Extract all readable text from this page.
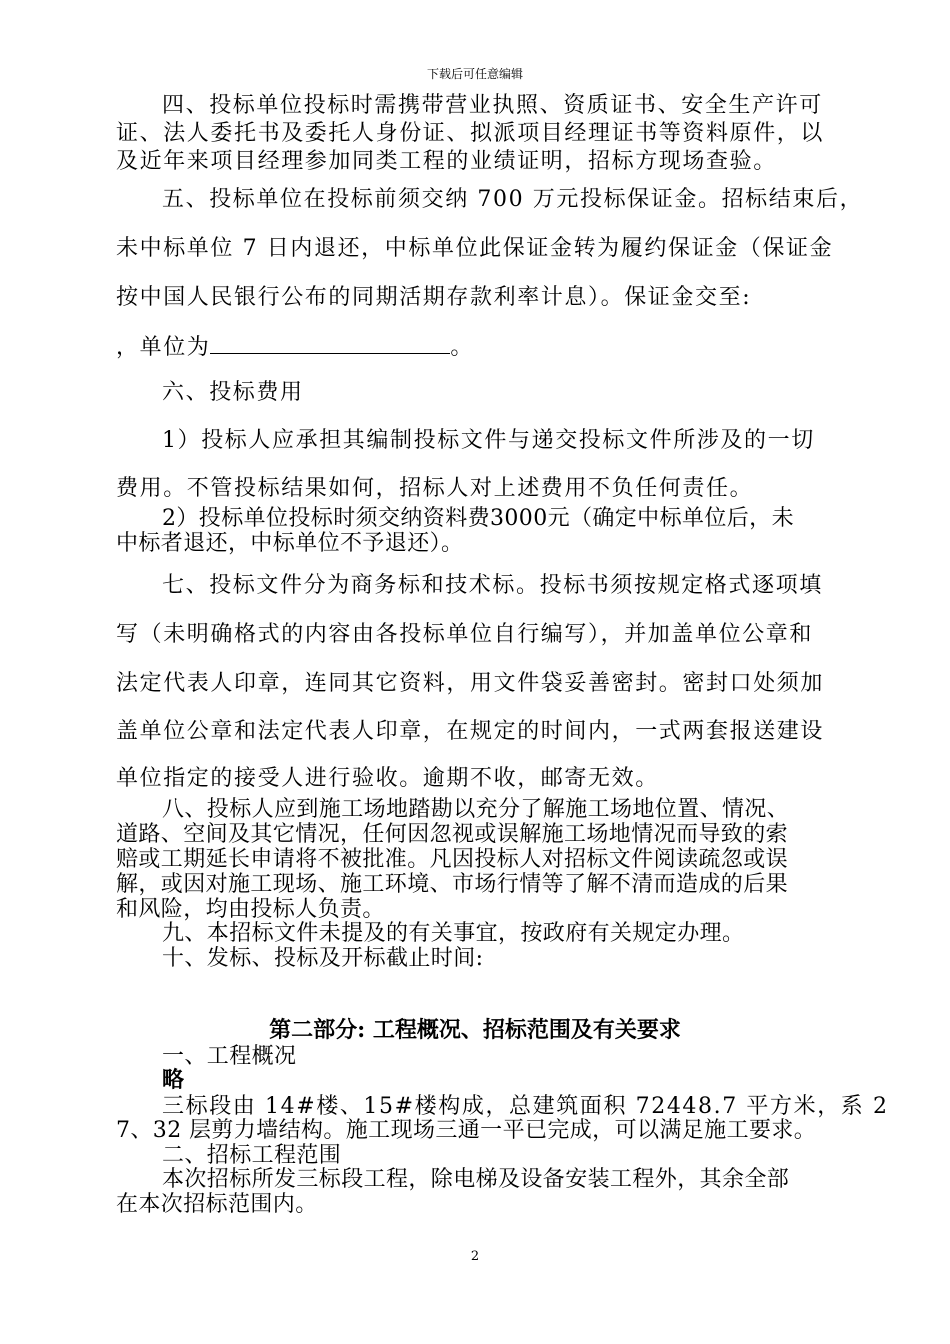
下载后可任意编辑
四、投标单位投标时需携带营业执照、资质证书、安全生产许可
证、法人委托书及委托人身份证、拟派项目经理证书等资料原件，以
及近年来项目经理参加同类工程的业绩证明，招标方现场查验。
五、投标单位在投标前须交纳 700 万元投标保证金。招标结束后，
未中标单位 7 日内退还，中标单位此保证金转为履约保证金（保证金
按中国人民银行公布的同期活期存款利率计息）。保证金交至:
，单位为	。
六、投标费用
1）投标人应承担其编制投标文件与递交投标文件所涉及的一切
费用。不管投标结果如何，招标人对上述费用不负任何责任。
2）投标单位投标时须交纳资料费3000元（确定中标单位后，未
中标者退还，中标单位不予退还）。
七、投标文件分为商务标和技术标。投标书须按规定格式逐项填
写（未明确格式的内容由各投标单位自行编写），并加盖单位公章和
法定代表人印章，连同其它资料，用文件袋妥善密封。密封口处须加
盖单位公章和法定代表人印章，在规定的时间内，一式两套报送建设
单位指定的接受人进行验收。逾期不收，邮寄无效。
八、投标人应到施工场地踏勘以充分了解施工场地位置、情况、
道路、空间及其它情况，任何因忽视或误解施工场地情况而导致的索
赔或工期延长申请将不被批准。凡因投标人对招标文件阅读疏忽或误
解，或因对施工现场、施工环境、市场行情等了解不清而造成的后果
和风险，均由投标人负责。
九、本招标文件未提及的有关事宜，按政府有关规定办理。
十、发标、投标及开标截止时间:
第二部分: 工程概况、招标范围及有关要求
一、工程概况
略
三标段由 14#楼、15#楼构成，总建筑面积 72448.7 平方米，系 2
7、32 层剪力墙结构。施工现场三通一平已完成，可以满足施工要求。
二、招标工程范围
本次招标所发三标段工程，除电梯及设备安装工程外，其余全部
在本次招标范围内。
2
